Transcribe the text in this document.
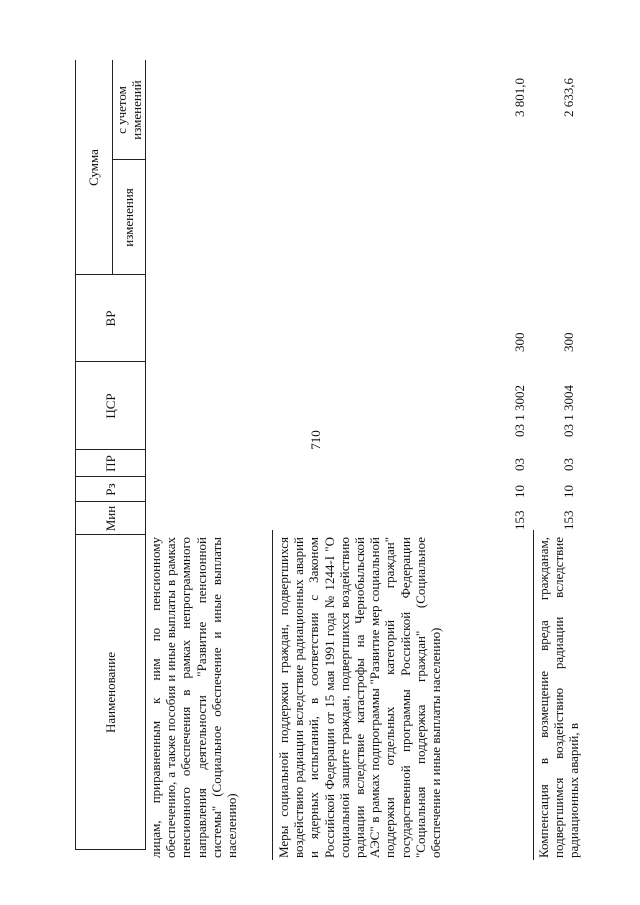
710
Наименование
Мин
Рз
ПР
ЦСР
ВР
Сумма
изменения
с учетом изменений
лицам, приравненным к ним по пенсионному обеспечению, а также пособия и иные выплаты в рамках пенсионного обеспечения в рамках непрограммного направления деятельности "Развитие пенсионной системы" (Социальное обеспечение и иные выплаты населению)	Меры социальной поддержки граждан, подвергшихся воздействию радиации вследствие радиационных аварий и ядерных испытаний, в соответствии с Законом Российской Федерации от 15 мая 1991 года № 1244-I "О социальной защите граждан, подвергшихся воздействию радиации вследствие катастрофы на Чернобыльской АЭС" в рамках подпрограммы "Развитие мер социальной поддержки отдельных категорий граждан" государственной программы Российской Федерации "Социальная поддержка граждан" (Социальное обеспечение и иные выплаты населению)
153
10
03
03 1 3002
300
3 801,0
Компенсация в возмещение вреда гражданам, подвергшимся воздействию радиации вследствие радиационных аварий, в
153
10
03
03 1 3004
300
2 633,6
